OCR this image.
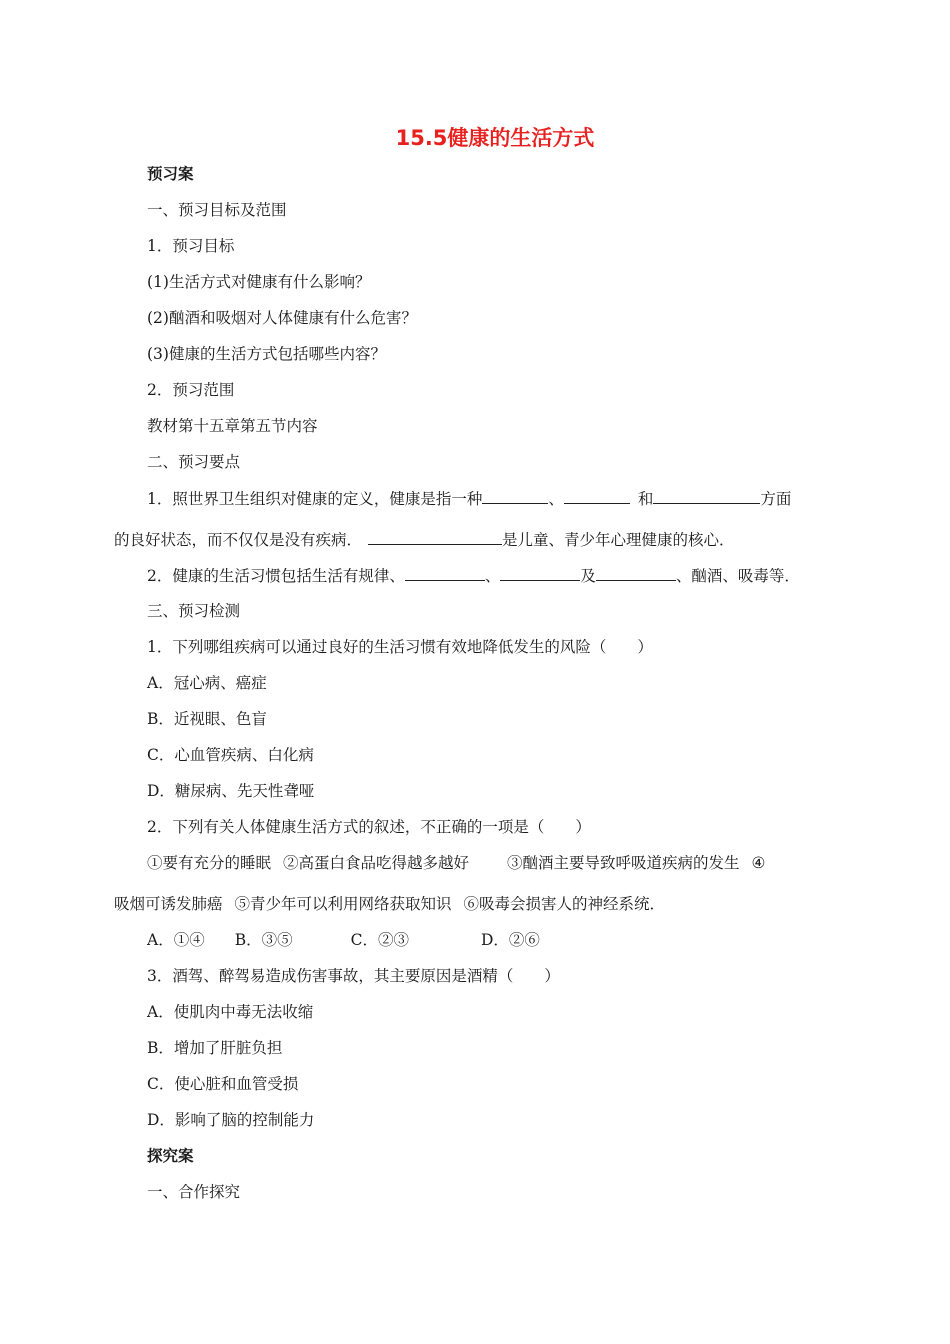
15.5健康的生活方式
预习案
一、预习目标及范围
1．预习目标
(1)生活方式对健康有什么影响？
(2)酗酒和吸烟对人体健康有什么危害？
(3)健康的生活方式包括哪些内容？
2．预习范围
教材第十五章第五节内容
二、预习要点
1．照世界卫生组织对健康的定义，健康是指一种	、	和	方面
的良好状态，而不仅仅是没有疾病．	是儿童、青少年心理健康的核心．
2．健康的生活习惯包括生活有规律、	、	及	、酗酒、吸毒等．
三、预习检测
1．下列哪组疾病可以通过良好的生活习惯有效地降低发生的风险（　　）
A．冠心病、癌症
B．近视眼、色盲
C．心血管疾病、白化病
D．糖尿病、先天性聋哑
2．下列有关人体健康生活方式的叙述，不正确的一项是（　　）
①要有充分的睡眠 ②高蛋白食品吃得越多越好 ③酗酒主要导致呼吸道疾病的发生 ④
吸烟可诱发肺癌 ⑤青少年可以利用网络获取知识 ⑥吸毒会损害人的神经系统．
A．①④ B．③⑤	C．②③	D．②⑥
3．酒驾、醉驾易造成伤害事故，其主要原因是酒精（　　）
A．使肌肉中毒无法收缩
B．增加了肝脏负担
C．使心脏和血管受损
D．影响了脑的控制能力
探究案
一、合作探究
